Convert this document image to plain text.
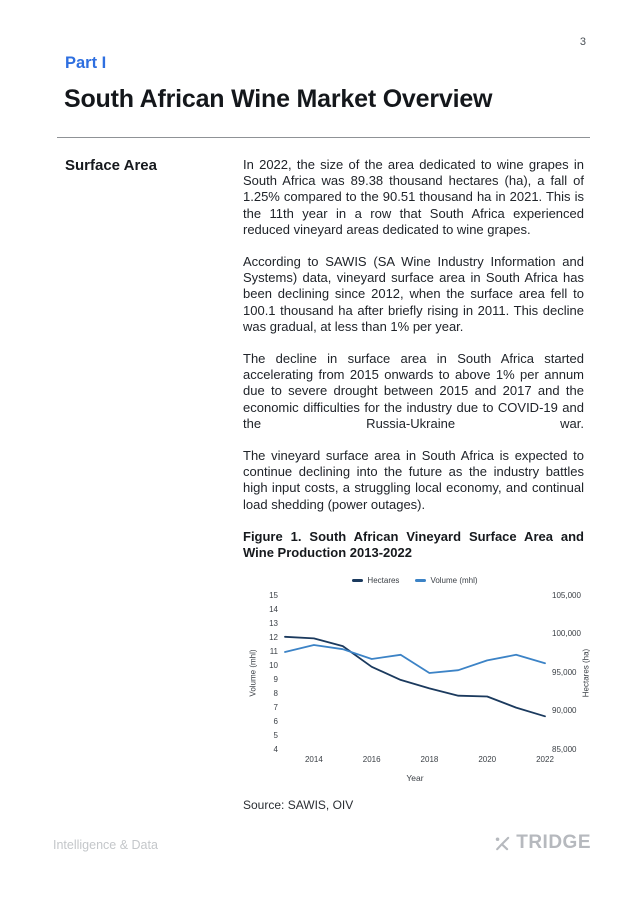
3
Part I
South African Wine Market Overview
Surface Area	In 2022, the size of the area dedicated to wine grapes in South Africa was 89.38 thousand hectares (ha), a fall of 1.25% compared to the 90.51 thousand ha in 2021. This is the 11th year in a row that South Africa experienced reduced vineyard areas dedicated to wine grapes.

According to SAWIS (SA Wine Industry Information and Systems) data, vineyard surface area in South Africa has been declining since 2012, when the surface area fell to 100.1 thousand ha after briefly rising in 2011. This decline was gradual, at less than 1% per year.

The decline in surface area in South Africa started accelerating from 2015 onwards to above 1% per annum due to severe drought between 2015 and 2017 and the economic difficulties for the industry due to COVID-19 and the Russia-Ukraine war.

The vineyard surface area in South Africa is expected to continue declining into the future as the industry battles high input costs, a struggling local economy, and continual load shedding (power outages).

Figure 1. South African Vineyard Surface Area and Wine Production 2013-2022
Hectares	Volume (mhl)
Volume (mhl)	Hectares (ha)
Year
15
14
13
12
11
10
9
8
7
6
5
4
105,000
100,000
95,000
90,000
85,000
2014	2016	2018	2020	2022

Source: SAWIS, OIV

Intelligence & Data	TRIDGE
